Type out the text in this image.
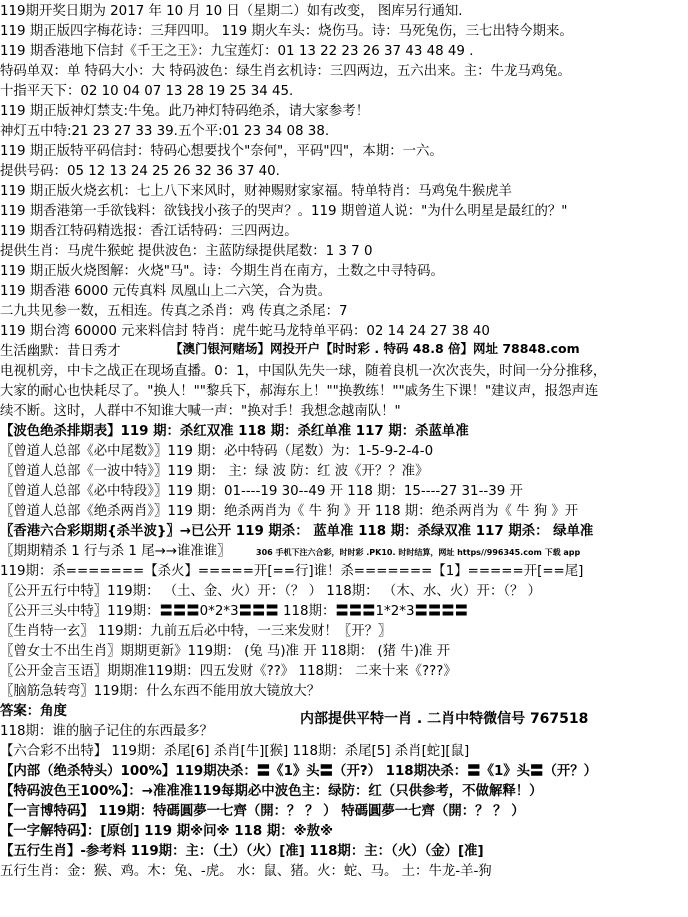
119期开奖日期为 2017 年 10 月 10 日（星期二）如有改变， 图库另行通知.
119 期正版四字梅花诗：三拜四叩。 119 期火车头：烧伤马。诗：马死兔伤，三七出特今期来。
119 期香港地下信封《千王之王》：九宝莲灯：01 13 22 23 26 37 43 48 49 .
特码单双：单 特码大小：大 特码波色：绿生肖玄机诗：三四两边，五六出来。主：牛龙马鸡兔。
十指平天下：02 10 04 07 13 28 19 25 34 45.
119 期正版神灯禁支:牛兔。此乃神灯特码绝杀，请大家参考！
神灯五中特:21 23 27 33 39.五个平:01 23 34 08 38.
119 期正版特平码信封：特码心想要找个"奈何"，平码"四"，本期：一六。
提供号码：05 12 13 24 25 26 32 36 37 40.
119 期正版火烧玄机：七上八下来风时，财神赐财家家福。特单特肖：马鸡兔牛猴虎羊
119 期香港第一手欲钱料：欲钱找小孩子的哭声？。119 期曾道人说："为什么明星是最红的？"
119 期香江特码精选报：香江话特码：三四两边。
提供生肖：马虎牛猴蛇 提供波色：主蓝防绿提供尾数：1 3 7 0
119 期正版火烧图解：火烧"马"。诗：今期生肖在南方，土数之中寻特码。
119 期香港 6000 元传真料 凤凰山上二六笑，合为贵。
二九共见参一数，五相连。传真之杀肖：鸡 传真之杀尾：7
119 期台湾 60000 元来料信封 特肖：虎牛蛇马龙特单平码：02 14 24 27 38 40
生活幽默：昔日秀才	【澳门银河赌场】网投开户【时时彩 . 特码 48.8 倍】网址 78848.com
电视机旁，中卡之战正在现场直播。0：1，中国队先失一球，随着良机一次次丧失，时间一分分推移，
大家的耐心也快耗尽了。"换人！""黎兵下，郝海东上！""换教练！""戚务生下课！"建议声，报怨声连
续不断。这时，人群中不知谁大喊一声："换对手！我想念越南队！"
【波色绝杀排期表】119 期：杀红双准 118 期：杀红单准 117 期：杀蓝单准
〖曾道人总部《必中尾数》〗119 期：必中特码（尾数）为：1-5-9-2-4-0
〖曾道人总部《一波中特》〗119 期： 主：绿 波 防：红 波《开？？准》
〖曾道人总部《必中特段》〗119 期：01----19 30--49 开 118 期：15----27 31--39 开
〖曾道人总部《绝杀两肖》〗119 期：绝杀两肖为《 牛 狗 》开 118 期：绝杀两肖为《 牛 狗 》开
〖香港六合彩期期{杀半波}〗→已公开 119 期杀： 蓝单准 118 期：杀绿双准 117 期杀： 绿单准
〖期期精杀 1 行与杀 1 尾→→谁准谁〗	306 手机下注六合彩，时时彩 .PK10. 时时结算，网址 https//996345.com 下载 app
119期：杀=======【杀火】=====开[==行]谁！杀=======【1】=====开[==尾]
〖公开五行中特〗119期： （土、金、火）开：（？ ） 118期： （木、水、火）开：（？ ）
〖公开三头中特〗119期：〓〓〓0*2*3〓〓〓 118期：〓〓〓1*2*3〓〓〓〓
〖生肖特一玄〗 119期：九前五后必中特，一三来发财！〖开？〗
〖曾女士不出生肖〗期期更新》119期： (兔 马)准 开 118期： (猪 牛)准 开
〖公开金言玉语〗期期准119期：四五发财《??》 118期： 二来十来《???》
〖脑筋急转弯〗119期：什么东西不能用放大镜放大？
答案：角度	内部提供平特一肖 . 二肖中特微信号 767518
118期：谁的脑子记住的东西最多？
【六合彩不出特】 119期：杀尾[6] 杀肖[牛][猴] 118期：杀尾[5] 杀肖[蛇][鼠]
【内部（绝杀特头）100%】119期决杀：〓《1》头〓（开?） 118期决杀：〓《1》头〓（开？）
【特码波色王100%】：→准准准119每期必中波色主：绿防：红（只供参考，不做解释！）
【一言博特码】 119期：特碼圓夢一七齊（開：？ ？ ） 特碼圓夢一七齊（開：？ ？ ）
【一字解特码】：[原创] 119 期※问※ 118 期：※敖※
【五行生肖】-参考料 119期：主：（土）（火）[准] 118期：主：（火）（金）[准]
五行生肖：金：猴、鸡。木：兔、-虎。 水：鼠、猪。火：蛇、马。 土：牛龙-羊-狗
